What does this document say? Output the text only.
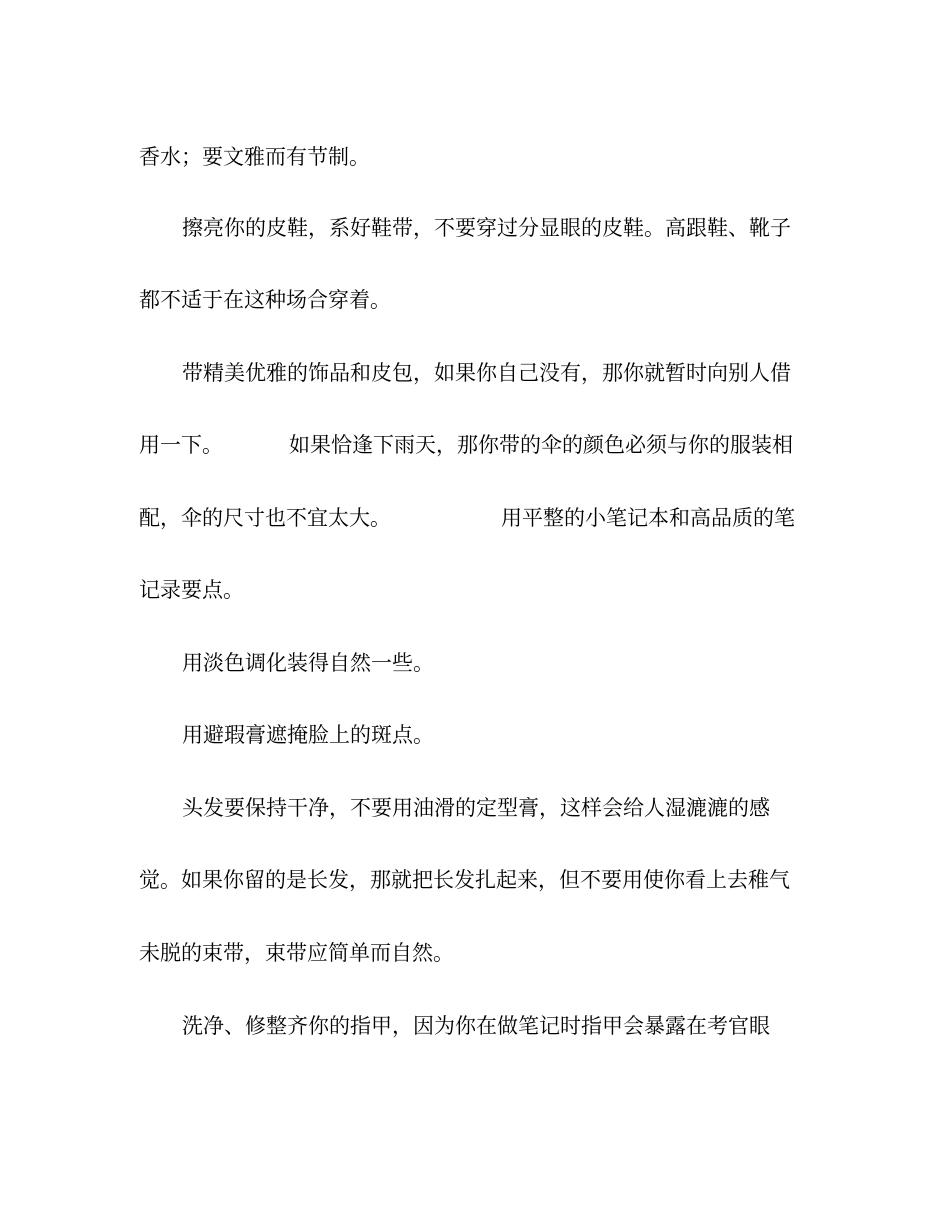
香水；要文雅而有节制。

擦亮你的皮鞋，系好鞋带，不要穿过分显眼的皮鞋。高跟鞋、靴子

都不适于在这种场合穿着。

带精美优雅的饰品和皮包，如果你自己没有，那你就暂时向别人借

用一下。	如果恰逢下雨天，那你带的伞的颜色必须与你的服装相

配，伞的尺寸也不宜太大。	用平整的小笔记本和高品质的笔

记录要点。

用淡色调化装得自然一些。

用避瑕膏遮掩脸上的斑点。

头发要保持干净，不要用油滑的定型膏，这样会给人湿漉漉的感

觉。如果你留的是长发，那就把长发扎起来，但不要用使你看上去稚气

未脱的束带，束带应简单而自然。

洗净、修整齐你的指甲，因为你在做笔记时指甲会暴露在考官眼
